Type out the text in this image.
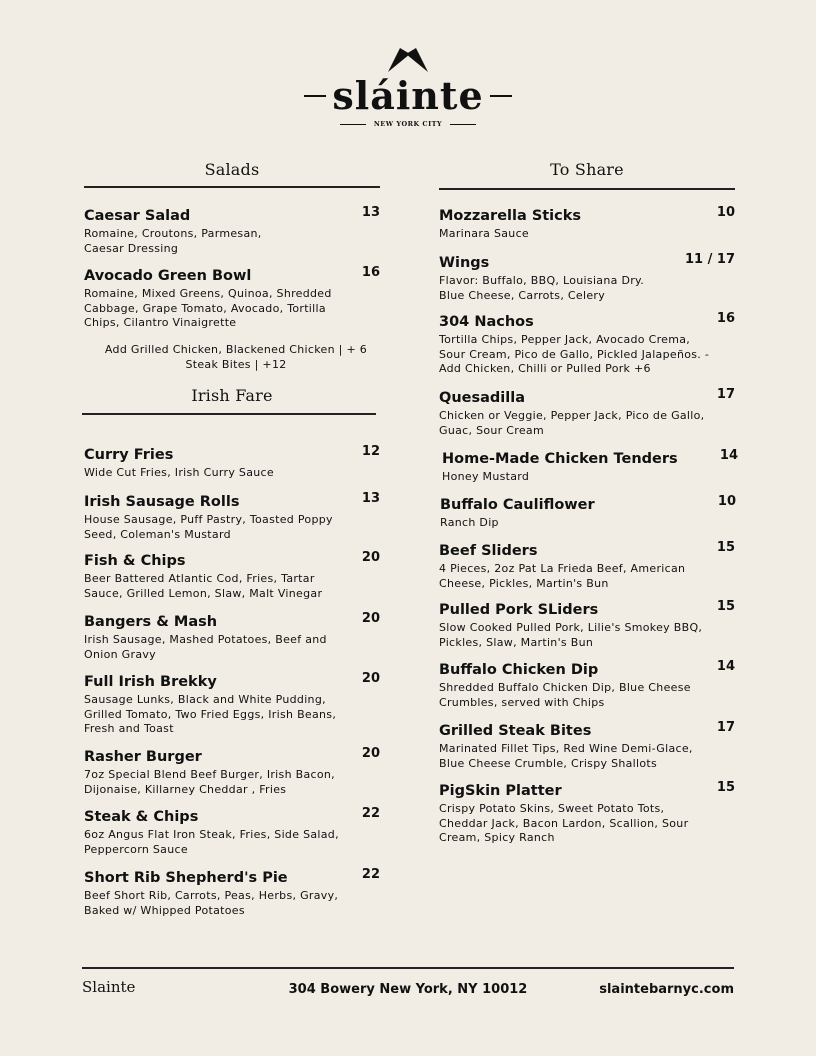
sláinte
NEW YORK CITY
Salads
Caesar Salad	13
Romaine, Croutons, Parmesan, Caesar Dressing
Avocado Green Bowl	16
Romaine, Mixed Greens, Quinoa, Shredded Cabbage, Grape Tomato, Avocado, Tortilla Chips, Cilantro Vinaigrette
Add Grilled Chicken, Blackened Chicken | + 6 Steak Bites | +12
Irish Fare
Curry Fries	12
Wide Cut Fries, Irish Curry Sauce
Irish Sausage Rolls	13
House Sausage, Puff Pastry, Toasted Poppy Seed, Coleman's Mustard
Fish & Chips	20
Beer Battered Atlantic Cod, Fries, Tartar Sauce, Grilled Lemon, Slaw, Malt Vinegar
Bangers & Mash	20
Irish Sausage, Mashed Potatoes, Beef and Onion Gravy
Full Irish Brekky	20
Sausage Lunks, Black and White Pudding, Grilled Tomato, Two Fried Eggs, Irish Beans, Fresh and Toast
Rasher Burger	20
7oz Special Blend Beef Burger, Irish Bacon, Dijonaise, Killarney Cheddar , Fries
Steak & Chips	22
6oz Angus Flat Iron Steak, Fries, Side Salad, Peppercorn Sauce
Short Rib Shepherd's Pie	22
Beef Short Rib, Carrots, Peas, Herbs, Gravy, Baked w/ Whipped Potatoes
To Share
Mozzarella Sticks	10
Marinara Sauce
Wings	11 / 17
Flavor: Buffalo, BBQ, Louisiana Dry. Blue Cheese, Carrots, Celery
304 Nachos	16
Tortilla Chips, Pepper Jack, Avocado Crema, Sour Cream, Pico de Gallo, Pickled Jalapeños. - Add Chicken, Chilli or Pulled Pork +6
Quesadilla	17
Chicken or Veggie, Pepper Jack, Pico de Gallo, Guac, Sour Cream
Home-Made Chicken Tenders	14
Honey Mustard
Buffalo Cauliflower	10
Ranch Dip
Beef Sliders	15
4 Pieces, 2oz Pat La Frieda Beef, American Cheese, Pickles, Martin's Bun
Pulled Pork SLiders	15
Slow Cooked Pulled Pork, Lilie's Smokey BBQ, Pickles, Slaw, Martin's Bun
Buffalo Chicken Dip	14
Shredded Buffalo Chicken Dip, Blue Cheese Crumbles, served with Chips
Grilled Steak Bites	17
Marinated Fillet Tips, Red Wine Demi-Glace, Blue Cheese Crumble, Crispy Shallots
PigSkin Platter	15
Crispy Potato Skins, Sweet Potato Tots, Cheddar Jack, Bacon Lardon, Scallion, Sour Cream, Spicy Ranch
Slainte	304 Bowery New York, NY 10012	slaintebarnyc.com
